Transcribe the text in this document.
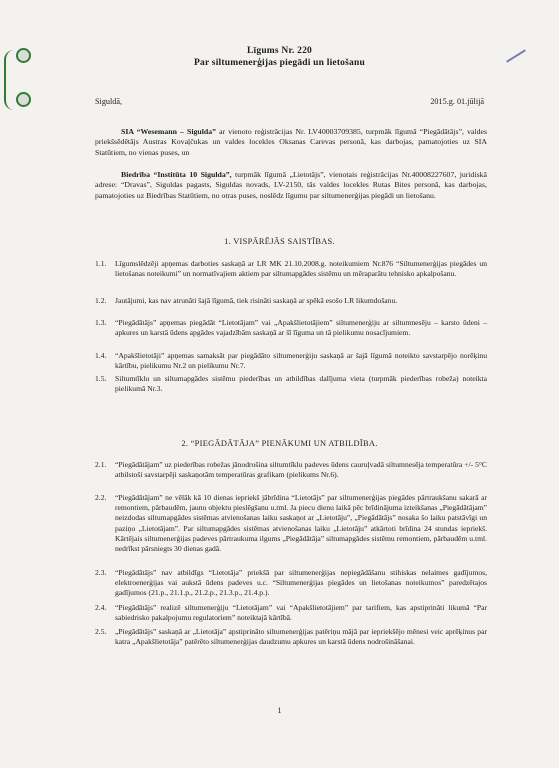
Līgums Nr. 220
Par siltumenerģijas piegādi un lietošanu
Siguldā,	2015.g. 01.jūlijā
SIA “Wesemann – Sigulda” ar vienoto reģistrācijas Nr. LV40003709385, turpmāk līgumā “Piegādātājs”, valdes priekšsēdētājs Austras Kovaļčukas un valdes locekles Oksanas Carevas personā, kas darbojas, pamatojoties uz SIA Statūtiem, no vienas puses, un
Biedrība “Institūta 10 Sigulda”, turpmāk līgumā „Lietotājs”, vienotais reģistrācijas Nr.40008227607, juridiskā adrese: “Dravas”, Siguldas pagasts, Siguldas novads, LV-2150, tās valdes locekles Rutas Bites personā, kas darbojas, pamatojoties uz Biedrības Statūtiem, no otras puses, noslēdz līgumu par siltumenerģijas piegādi un lietošanu.
1. VISPĀRĒJĀS SAISTĪBAS.
1.1. Līgumslēdzēji apņemas darboties saskaņā ar LR MK 21.10.2008.g. noteikumiem Nr.876 “Siltumenerģijas piegādes un lietošanas noteikumi” un normatīvajiem aktiem par siltumapgādes sistēmu un mēraparātu tehnisko apkalpošanu.
1.2. Jautājumi, kas nav atrunāti šajā līgumā, tiek risināti saskaņā ar spēkā esošo LR likumdošanu.
1.3. “Piegādātājs” apņemas piegādāt “Lietotājam” vai „Apakšlietotājiem” siltumenerģiju ar siltumnesēju – karsto ūdeni – apkures un karstā ūdens apgādes vajadzībām saskaņā ar šī līguma un tā pielikumu nosacījumiem.
1.4. “Apakšlietotāji” apņemas samaksāt par piegādāto siltumenerģiju saskaņā ar šajā līgumā noteikto savstarpējo norēķinu kārtību, pielikumu Nr.2 un pielikumu Nr.7.
1.5. Siltumtīklu un siltumapgādes sistēmu piederības un atbildības dalījuma vieta (turpmāk piederības robeža) noteikta pielikumā Nr.3.
2. “PIEGĀDĀTĀJA” PIENĀKUMI UN ATBILDĪBA.
2.1. “Piegādātājam” uz piederības robežas jānodrošina siltumtīklu padeves ūdens cauruļvadā siltumnesēja temperatūra +/- 5°C atbilstoši savstarpēji saskaņotām temperatūras grafikam (pielikums Nr.6).
2.2. “Piegādātājam” ne vēlāk kā 10 dienas iepriekš jābrīdina “Lietotājs” par siltumenerģijas piegādes pārtraukšanu sakarā ar remontiem, pārbaudēm, jaunu objektu pieslēgšanu u.tml. Ja piecu dienu laikā pēc brīdinājuma izteikšanas „Piegādātājam” neizdodas siltumapgādes sistēmas atvienošanas laiku saskaņot ar „Lietotāju”, „Piegādātājs” nosaka šo laiku patstāvīgi un paziņo „Lietotājam”. Par siltumapgādes sistēmas atvienošanas laiku „Lietotāju” atkārtoti brīdina 24 stundas iepriekš. Kārtējais siltumenerģijas padeves pārtraukuma ilgums „Piegādātāja” siltumapgādes sistēmu remontiem, pārbaudēm u.tml. nedrīkst pārsniegts 30 dienas gadā.
2.3. “Piegādātājs” nav atbildīgs “Lietotāja” priekšā par siltumenerģijas nepiegādāšanu stihiskas nelaimes gadījumos, elektroenerģijas vai aukstā ūdens padeves u.c. “Siltumenerģijas piegādes un lietošanas noteikumos” paredzētajos gadījumos (21.p., 21.1.p., 21.2.p., 21.3.p., 21.4.p.).
2.4. “Piegādātājs” realizē siltumenerģiju “Lietotājam” vai “Apakšlietotājiem” par tarifiem, kas apstiprināti likumā “Par sabiedrisko pakalpojumu regulatoriem” noteiktajā kārtībā.
2.5. „Piegādātājs” saskaņā ar „Lietotāja” apstiprināto siltumenerģijas patēriņu mājā par iepriekšējo mēnesi veic aprēķinus par katra „Apakšlietotāja” patērēto siltumenerģijas daudzumu apkures un karstā ūdens nodrošināšanai.
1
